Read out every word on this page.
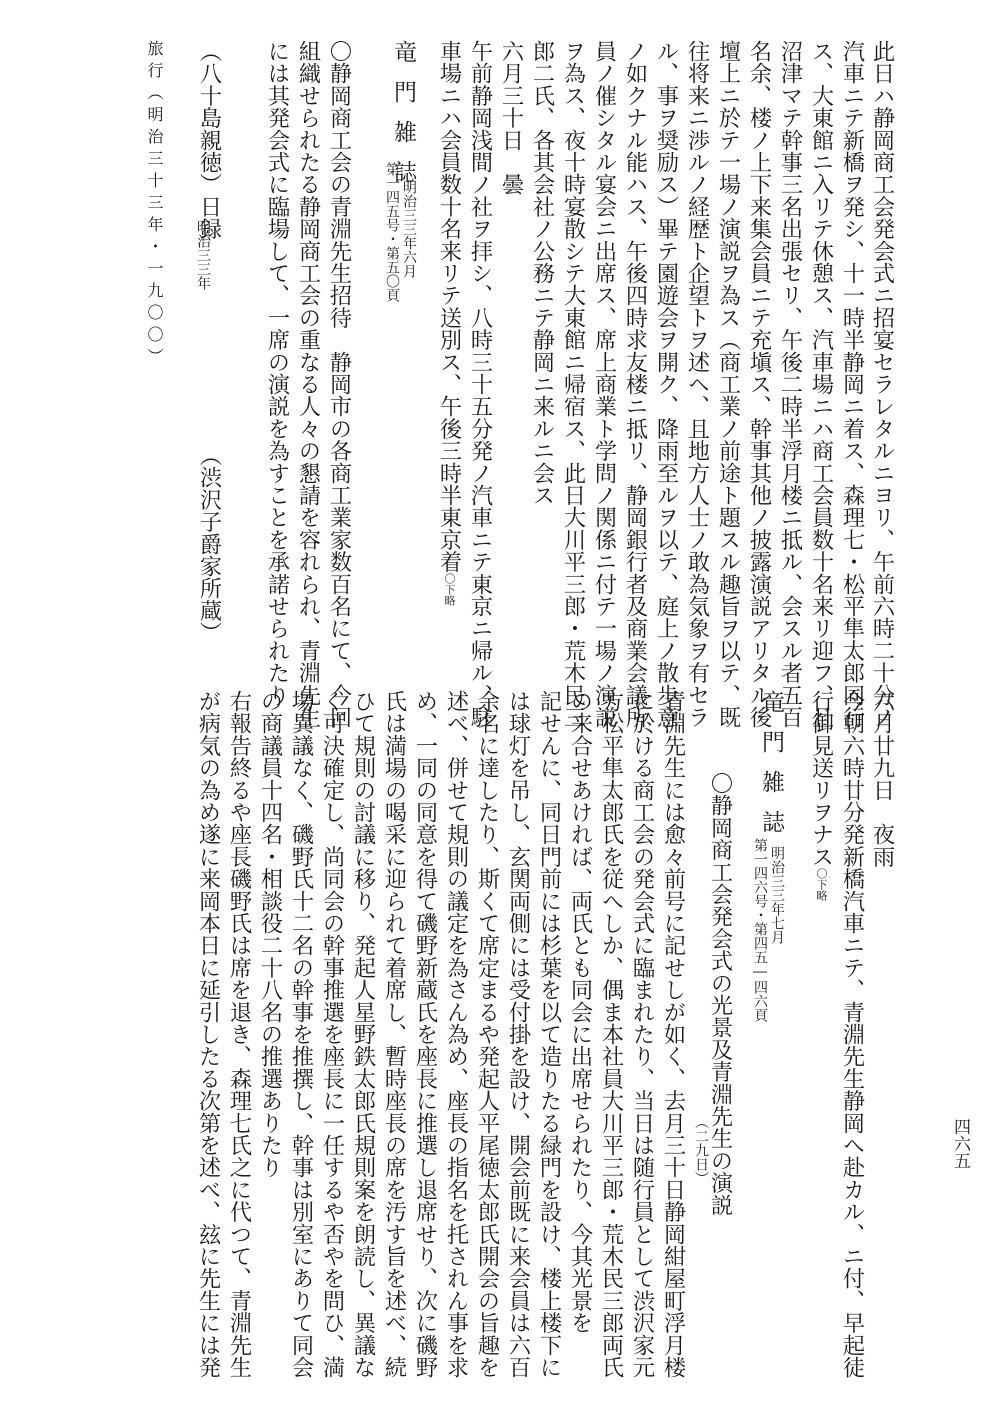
此日ハ静岡商工会発会式ニ招宴セラレタルニヨリ、午前六時二十分ノ
汽車ニテ新橋ヲ発シ、十一時半静岡ニ着ス、森理七・松平隼太郎同行
ス、大東館ニ入リテ休憩ス、汽車場ニハ商工会員数十名来リ迎フ、且
沼津マテ幹事三名出張セリ、午後二時半浮月楼ニ抵ル、会スル者五百
名余、楼ノ上下来集会員ニテ充塡ス、幹事其他ノ披露演説アリタル後
壇上ニ於テ一場ノ演説ヲ為ス（商工業ノ前途ト題スル趣旨ヲ以テ、既
往将来ニ渉ルノ経歴ト企望トヲ述ヘ、且地方人士ノ敢為気象ヲ有セラ
ル、事ヲ奨励ス）畢テ園遊会ヲ開ク、降雨至ルヲ以テ、庭上ノ散歩意
ノ如クナル能ハス、午後四時求友楼ニ抵リ、静岡銀行者及商業会議所
員ノ催シタル宴会ニ出席ス、席上商業ト学問ノ関係ニ付テ一場ノ演説
ヲ為ス、夜十時宴散シテ大東館ニ帰宿ス、此日大川平三郎・荒木民三
郎二氏、各其会社ノ公務ニテ静岡ニ来ルニ会ス
六月三十日　曇
午前静岡浅間ノ社ヲ拝シ、八時三十五分発ノ汽車ニテ東京ニ帰ル、駐
車場ニハ会員数十名来リテ送別ス、午後三時半東京着〇下略
竜門雑誌
第一四五号・第五〇頁 明治三三年六月
〇静岡商工会の青淵先生招待　静岡市の各商工業家数百名にて、今回
組織せられたる静岡商工会の重なる人々の懇請を容れられ、青淵先生
には其発会式に臨場して、一席の演説を為すことを承諾せられたり
（八十島親徳）日録
明治三三年
（渋沢子爵家所蔵）
旅行（明治三十三年・一九〇〇）
六月廿九日　夜雨
今朝六時廿分発新橋汽車ニテ、青淵先生静岡へ赴カル、ニ付、早起徒
行御見送リヲナス〇下略
竜門雑誌
第一四六号・第四五―四六頁 明治三三年七月
〇静岡商工会発会式の光景及青淵先生の演説
（二九日）
青淵先生には愈々前号に記せしが如く、去月三十日静岡紺屋町浮月楼
に於ける商工会の発会式に臨まれたり、当日は随行員として渋沢家元
方松平隼太郎氏を従へしか、偶ま本社員大川平三郎・荒木民三郎両氏
の来合せあければ、両氏とも同会に出席せられたり、今其光景を
記せんに、同日門前には杉葉を以て造りたる緑門を設け、楼上楼下に
は球灯を吊し、玄関両側には受付掛を設け、開会前既に来会員は六百
余名に達したり、斯くて席定まるや発起人平尾徳太郎氏開会の旨趣を
述べ、併せて規則の議定を為さん為め、座長の指名を托されん事を求
め、一同の同意を得て磯野新蔵氏を座長に推選し退席せり、次に磯野
氏は満場の喝采に迎られて着席し、暫時座長の席を汚す旨を述べ、続
ひて規則の討議に移り、発起人星野鉄太郎氏規則案を朗読し、異議な
く可決確定し、尚同会の幹事推選を座長に一任するや否やを問ひ、満
場異議なく、磯野氏十二名の幹事を推撰し、幹事は別室にありて同会
の商議員十四名・相談役二十八名の推選ありたり
右報告終るや座長磯野氏は席を退き、森理七氏之に代つて、青淵先生
が病気の為め遂に来岡本日に延引したる次第を述べ、玆に先生には発	四六五
